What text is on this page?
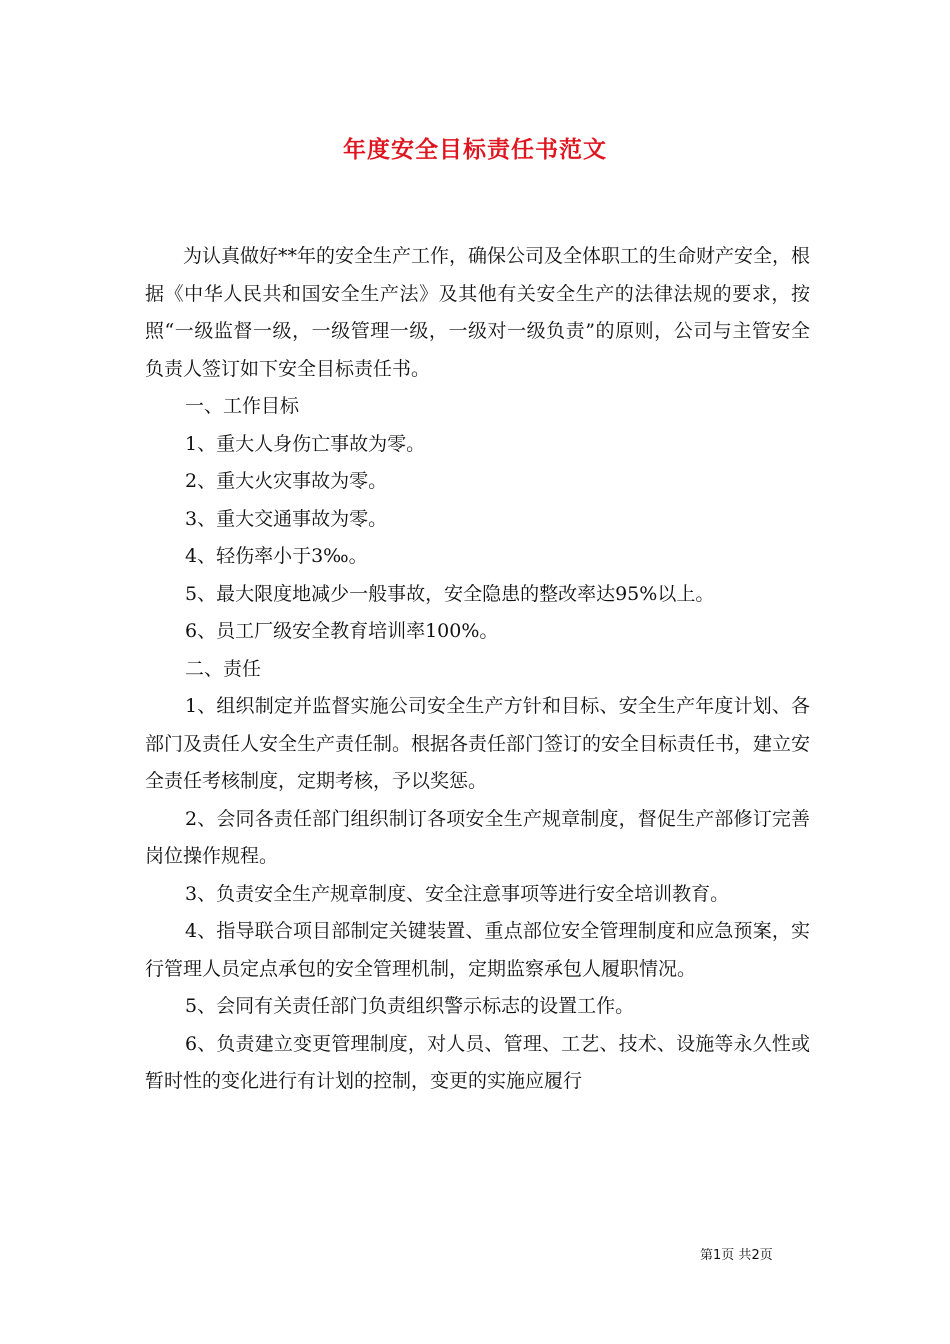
年度安全目标责任书范文

为认真做好**年的安全生产工作，确保公司及全体职工的生命财产安全，根据《中华人民共和国安全生产法》及其他有关安全生产的法律法规的要求，按照“一级监督一级，一级管理一级，一级对一级负责”的原则，公司与主管安全负责人签订如下安全目标责任书。

一、工作目标

1、重大人身伤亡事故为零。

2、重大火灾事故为零。

3、重大交通事故为零。

4、轻伤率小于3‰。

5、最大限度地减少一般事故，安全隐患的整改率达95%以上。

6、员工厂级安全教育培训率100%。

二、责任

1、组织制定并监督实施公司安全生产方针和目标、安全生产年度计划、各部门及责任人安全生产责任制。根据各责任部门签订的安全目标责任书，建立安全责任考核制度，定期考核，予以奖惩。

2、会同各责任部门组织制订各项安全生产规章制度，督促生产部修订完善岗位操作规程。

3、负责安全生产规章制度、安全注意事项等进行安全培训教育。

4、指导联合项目部制定关键装置、重点部位安全管理制度和应急预案，实行管理人员定点承包的安全管理机制，定期监察承包人履职情况。

5、会同有关责任部门负责组织警示标志的设置工作。

6、负责建立变更管理制度，对人员、管理、工艺、技术、设施等永久性或暂时性的变化进行有计划的控制，变更的实施应履行

第1页 共2页
